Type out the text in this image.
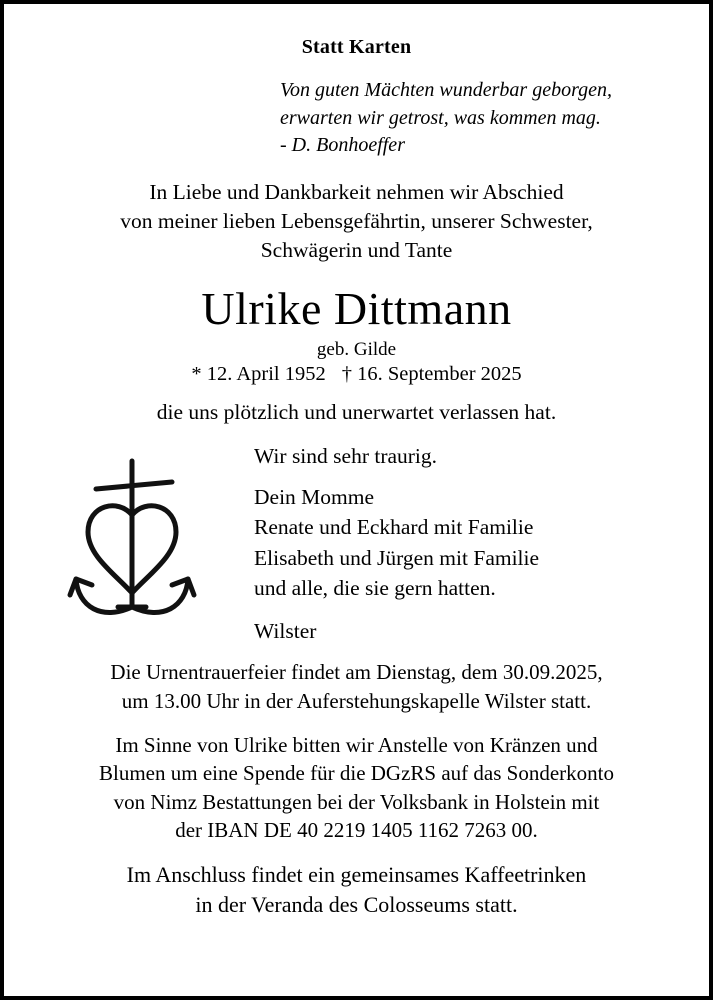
Statt Karten
Von guten Mächten wunderbar geborgen,
erwarten wir getrost, was kommen mag.
- D. Bonhoeffer
In Liebe und Dankbarkeit nehmen wir Abschied
von meiner lieben Lebensgefährtin, unserer Schwester,
Schwägerin und Tante
Ulrike Dittmann
geb. Gilde
* 12. April 1952 † 16. September 2025
die uns plötzlich und unerwartet verlassen hat.
Wir sind sehr traurig.
Dein Momme
Renate und Eckhard mit Familie
Elisabeth und Jürgen mit Familie
und alle, die sie gern hatten.
Wilster
Die Urnentrauerfeier findet am Dienstag, dem 30.09.2025,
um 13.00 Uhr in der Auferstehungskapelle Wilster statt.
Im Sinne von Ulrike bitten wir Anstelle von Kränzen und
Blumen um eine Spende für die DGzRS auf das Sonderkonto
von Nimz Bestattungen bei der Volksbank in Holstein mit
der IBAN DE 40 2219 1405 1162 7263 00.
Im Anschluss findet ein gemeinsames Kaffeetrinken
in der Veranda des Colosseums statt.
